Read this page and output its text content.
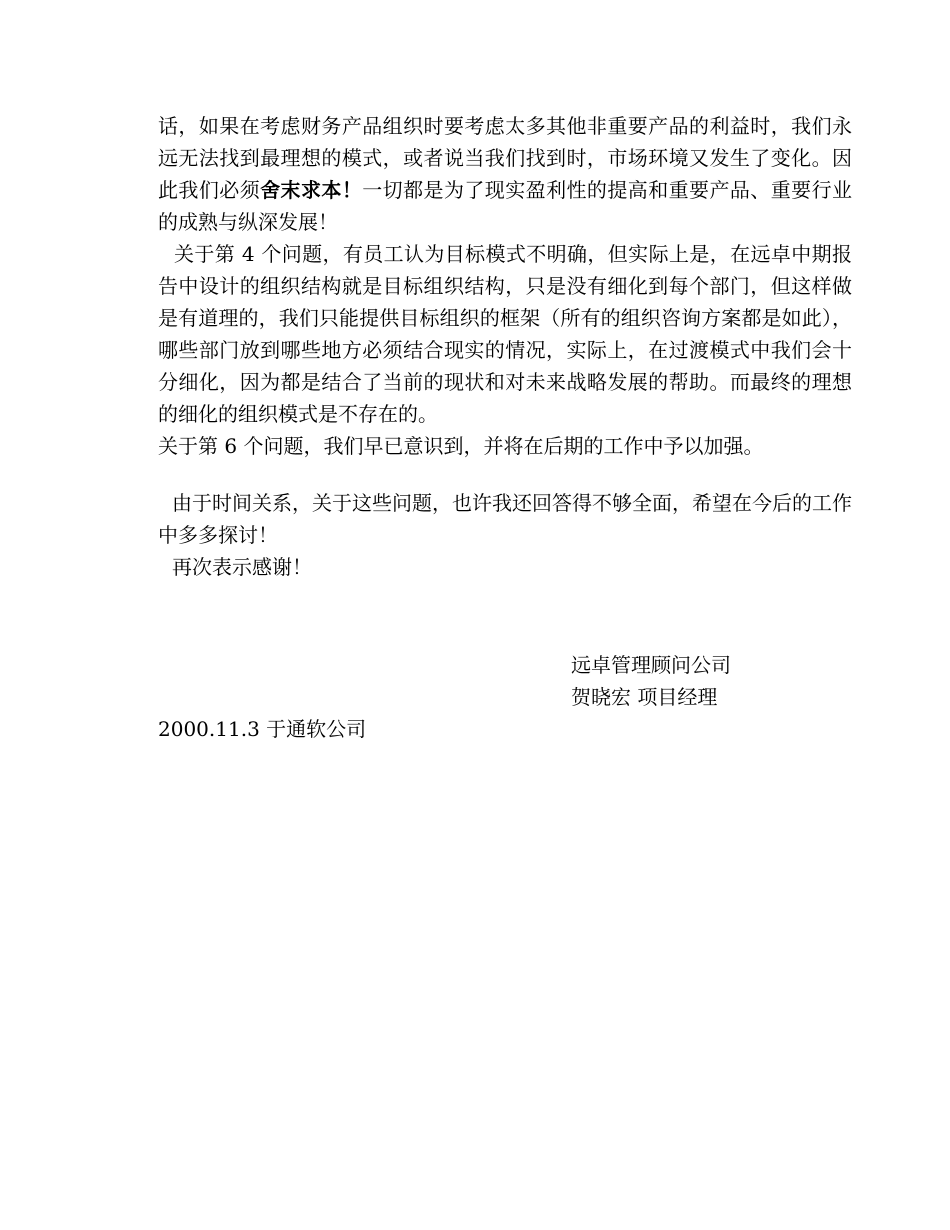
话，如果在考虑财务产品组织时要考虑太多其他非重要产品的利益时，我们永远无法找到最理想的模式，或者说当我们找到时，市场环境又发生了变化。因此我们必须舍末求本！一切都是为了现实盈利性的提高和重要产品、重要行业的成熟与纵深发展！

关于第 4 个问题，有员工认为目标模式不明确，但实际上是，在远卓中期报告中设计的组织结构就是目标组织结构，只是没有细化到每个部门，但这样做是有道理的，我们只能提供目标组织的框架（所有的组织咨询方案都是如此），哪些部门放到哪些地方必须结合现实的情况，实际上，在过渡模式中我们会十分细化，因为都是结合了当前的现状和对未来战略发展的帮助。而最终的理想的细化的组织模式是不存在的。

关于第 6 个问题，我们早已意识到，并将在后期的工作中予以加强。

由于时间关系，关于这些问题，也许我还回答得不够全面，希望在今后的工作中多多探讨！

再次表示感谢！

远卓管理顾问公司

贺晓宏 项目经理

2000.11.3 于通软公司
